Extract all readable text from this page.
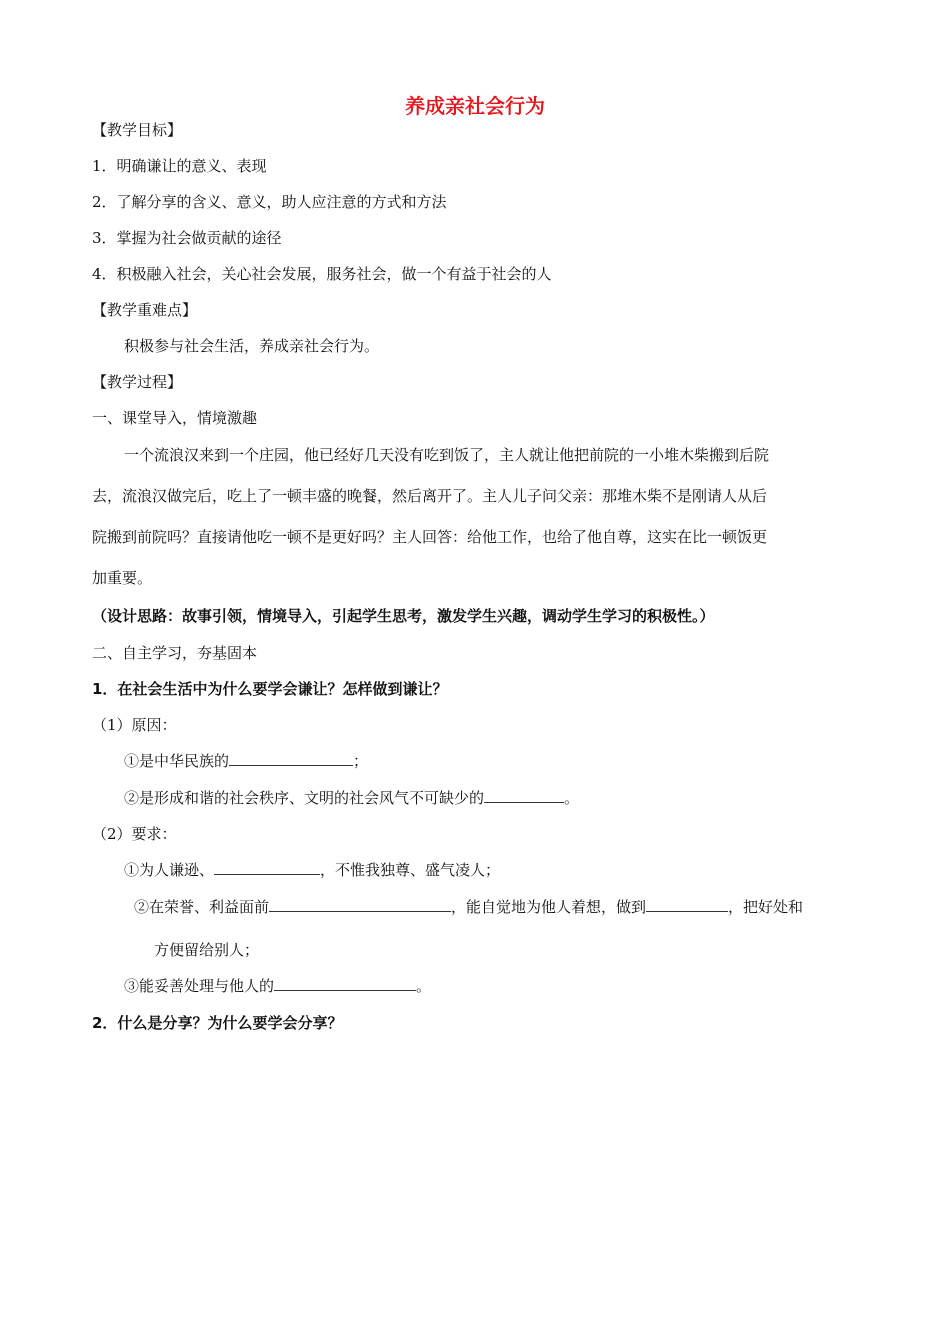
养成亲社会行为
【教学目标】
1．明确谦让的意义、表现
2．了解分享的含义、意义，助人应注意的方式和方法
3．掌握为社会做贡献的途径
4．积极融入社会，关心社会发展，服务社会，做一个有益于社会的人
【教学重难点】
积极参与社会生活，养成亲社会行为。
【教学过程】
一、课堂导入，情境激趣
一个流浪汉来到一个庄园，他已经好几天没有吃到饭了，主人就让他把前院的一小堆木柴搬到后院
去，流浪汉做完后，吃上了一顿丰盛的晚餐，然后离开了。主人儿子问父亲：那堆木柴不是刚请人从后
院搬到前院吗？直接请他吃一顿不是更好吗？主人回答：给他工作，也给了他自尊，这实在比一顿饭更
加重要。
（设计思路：故事引领，情境导入，引起学生思考，激发学生兴趣，调动学生学习的积极性。）
二、自主学习，夯基固本
1．在社会生活中为什么要学会谦让？怎样做到谦让？
（1）原因：
①是中华民族的	；
②是形成和谐的社会秩序、文明的社会风气不可缺少的	。
（2）要求：
①为人谦逊、	，不惟我独尊、盛气凌人；
②在荣誉、利益面前	，能自觉地为他人着想，做到	，把好处和
方便留给别人；
③能妥善处理与他人的	。
2．什么是分享？为什么要学会分享？
